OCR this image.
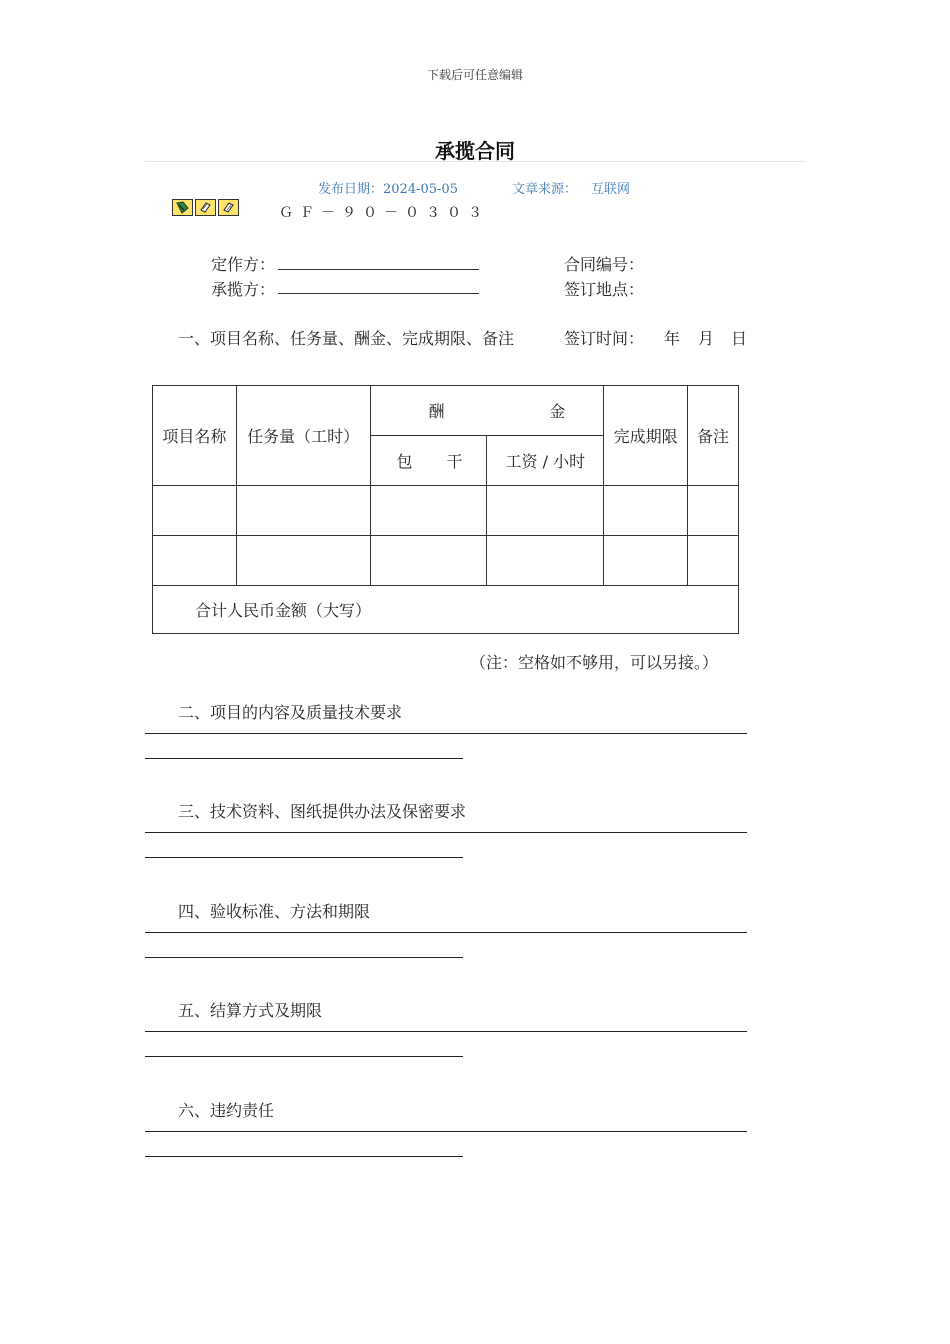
下载后可任意编辑
承揽合同
发布日期：2024-05-05	文章来源： 互联网
ＧＦ－９０－０３０３
定作方：
承揽方：
合同编号：
签订地点：
一、项目名称、任务量、酬金、完成期限、备注	签订时间： 年 月 日
项目名称	任务量（工时）	酬 金		完成期限	备注

		包 干	工资 / 小时		

合计人民币金额（大写）					
（注：空格如不够用，可以另接。）
二、项目的内容及质量技术要求
三、技术资料、图纸提供办法及保密要求
四、验收标准、方法和期限
五、结算方式及期限
六、违约责任
